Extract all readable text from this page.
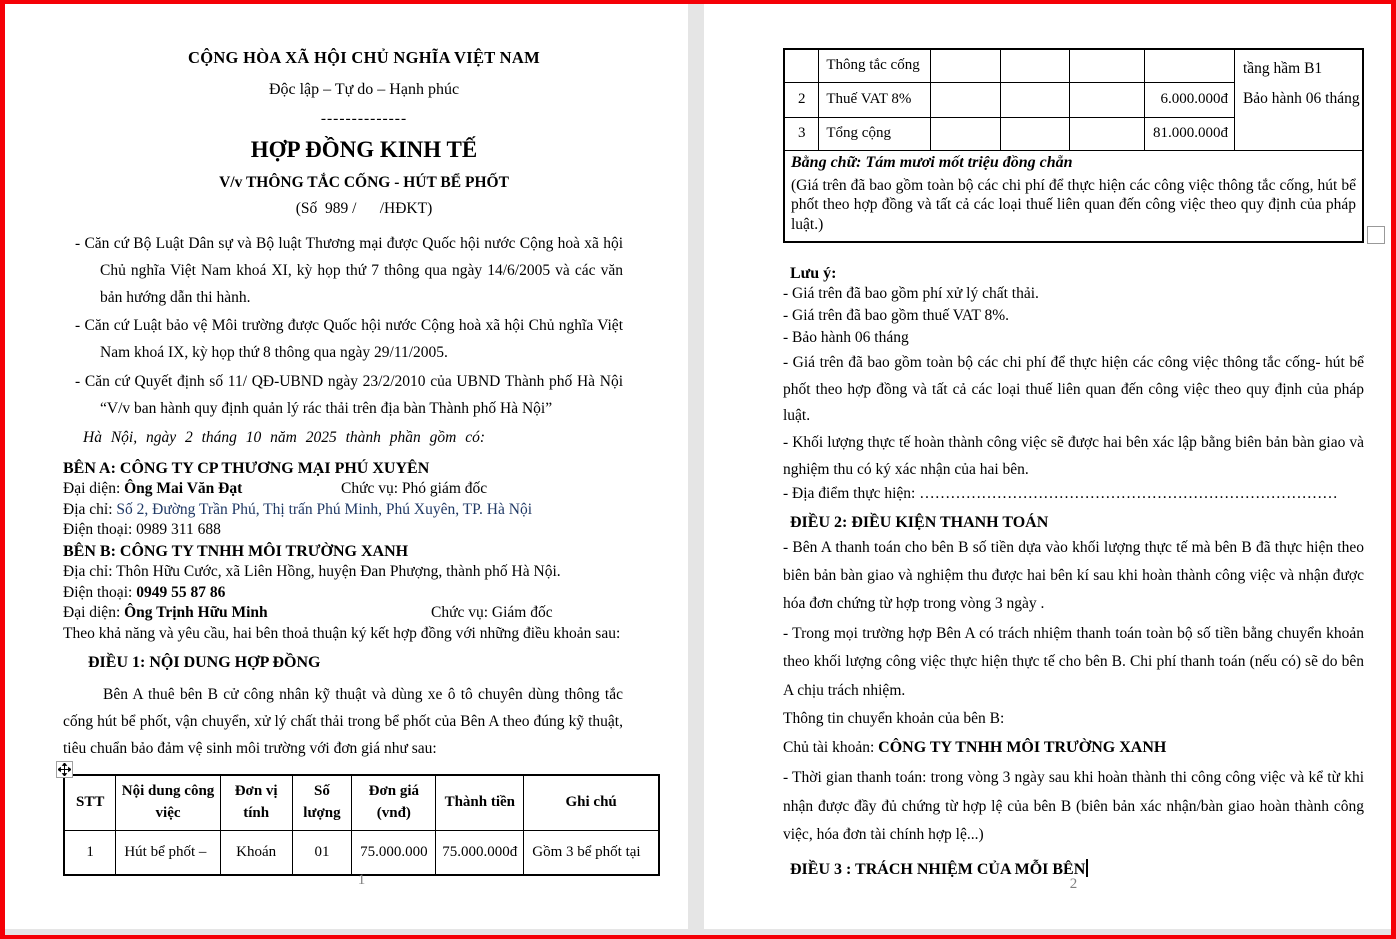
CỘNG HÒA XÃ HỘI CHỦ NGHĨA VIỆT NAM
Độc lập – Tự do – Hạnh phúc
--------------
HỢP ĐỒNG KINH TẾ
V/v THÔNG TẮC CỐNG - HÚT BỂ PHỐT
(Số  989 /      /HĐKT)
- Căn cứ Bộ Luật Dân sự và Bộ luật Thương mại được Quốc hội nước Cộng hoà xã hội Chủ nghĩa Việt Nam khoá XI, kỳ họp thứ 7 thông qua ngày 14/6/2005 và các văn bản hướng dẫn thi hành.
- Căn cứ Luật bảo vệ Môi trường được Quốc hội nước Cộng hoà xã hội Chủ nghĩa Việt Nam khoá IX, kỳ họp thứ 8 thông qua ngày 29/11/2005.
- Căn cứ Quyết định số 11/ QĐ-UBND ngày 23/2/2010 của UBND Thành phố Hà Nội “V/v ban hành quy định quản lý rác thải trên địa bàn Thành phố Hà Nội”
Hà Nội, ngày 2 tháng 10 năm 2025 thành phần gồm có:
BÊN A: CÔNG TY CP THƯƠNG MẠI PHÚ XUYÊN
Đại diện: Ông Mai Văn Đạt	Chức vụ: Phó giám đốc
Địa chỉ: Số 2, Đường Trần Phú, Thị trấn Phú Minh, Phú Xuyên, TP. Hà Nội
Điện thoại: 0989 311 688
BÊN B: CÔNG TY TNHH MÔI TRƯỜNG XANH
Địa chỉ: Thôn Hữu Cước, xã Liên Hồng, huyện Đan Phượng, thành phố Hà Nội.
Điện thoại: 0949 55 87 86
Đại diện: Ông Trịnh Hữu Minh	Chức vụ: Giám đốc
Theo khả năng và yêu cầu, hai bên thoả thuận ký kết hợp đồng với những điều khoản sau:
ĐIỀU 1: NỘI DUNG HỢP ĐỒNG
Bên A thuê bên B cử công nhân kỹ thuật và dùng xe ô tô chuyên dùng thông tắc cống hút bể phốt, vận chuyển, xử lý chất thải trong bể phốt của Bên A theo đúng kỹ thuật, tiêu chuẩn bảo đảm vệ sinh môi trường với đơn giá như sau:
STT	Nội dung công việc	Đơn vị tính	Số lượng	Đơn giá (vnđ)	Thành tiền	Ghi chú
1	Hút bể phốt –	Khoán	01	75.000.000	75.000.000đ	Gồm 3 bể phốt tại
1
	Thông tắc cống					tầng hầm B1
Bảo hành 06 tháng

2	Thuế VAT 8%				6.000.000đ	
3	Tổng cộng				81.000.000đ	

Bằng chữ: Tám mươi mốt triệu đồng chẵn						

(Giá trên đã bao gồm toàn bộ các chi phí để thực hiện các công việc thông tắc cống, hút bể phốt theo hợp đồng và tất cả các loại thuế liên quan đến công việc theo quy định của pháp luật.)						
Lưu ý:
- Giá trên đã bao gồm phí xử lý chất thải.
- Giá trên đã bao gồm thuế VAT 8%.
- Bảo hành 06 tháng
- Giá trên đã bao gồm toàn bộ các chi phí để thực hiện các công việc thông tắc cống- hút bể phốt theo hợp đồng và tất cả các loại thuế liên quan đến công việc theo quy định của pháp luật.
- Khối lượng thực tế hoàn thành công việc sẽ được hai bên xác lập bằng biên bản bàn giao và nghiệm thu có ký xác nhận của hai bên.
- Địa điểm thực hiện: ………………………………………………………………………
ĐIỀU 2: ĐIỀU KIỆN THANH TOÁN
- Bên A thanh toán cho bên B số tiền dựa vào khối lượng thực tế mà bên B đã thực hiện theo biên bản bàn giao và nghiệm thu được hai bên kí sau khi hoàn thành công việc và nhận được hóa đơn chứng từ hợp trong vòng 3 ngày .
- Trong mọi trường hợp Bên A có trách nhiệm thanh toán toàn bộ số tiền bằng chuyển khoản theo khối lượng công việc thực hiện thực tế cho bên B. Chi phí thanh toán (nếu có) sẽ do bên A chịu trách nhiệm.
Thông tin chuyển khoản của bên B:
Chủ tài khoản: CÔNG TY TNHH MÔI TRƯỜNG XANH
- Thời gian thanh toán: trong vòng 3 ngày sau khi hoàn thành thi công công việc và kể từ khi nhận được đầy đủ chứng từ hợp lệ của bên B (biên bản xác nhận/bàn giao hoàn thành công việc, hóa đơn tài chính hợp lệ...)
ĐIỀU 3 : TRÁCH NHIỆM CỦA MỖI BÊN
2
